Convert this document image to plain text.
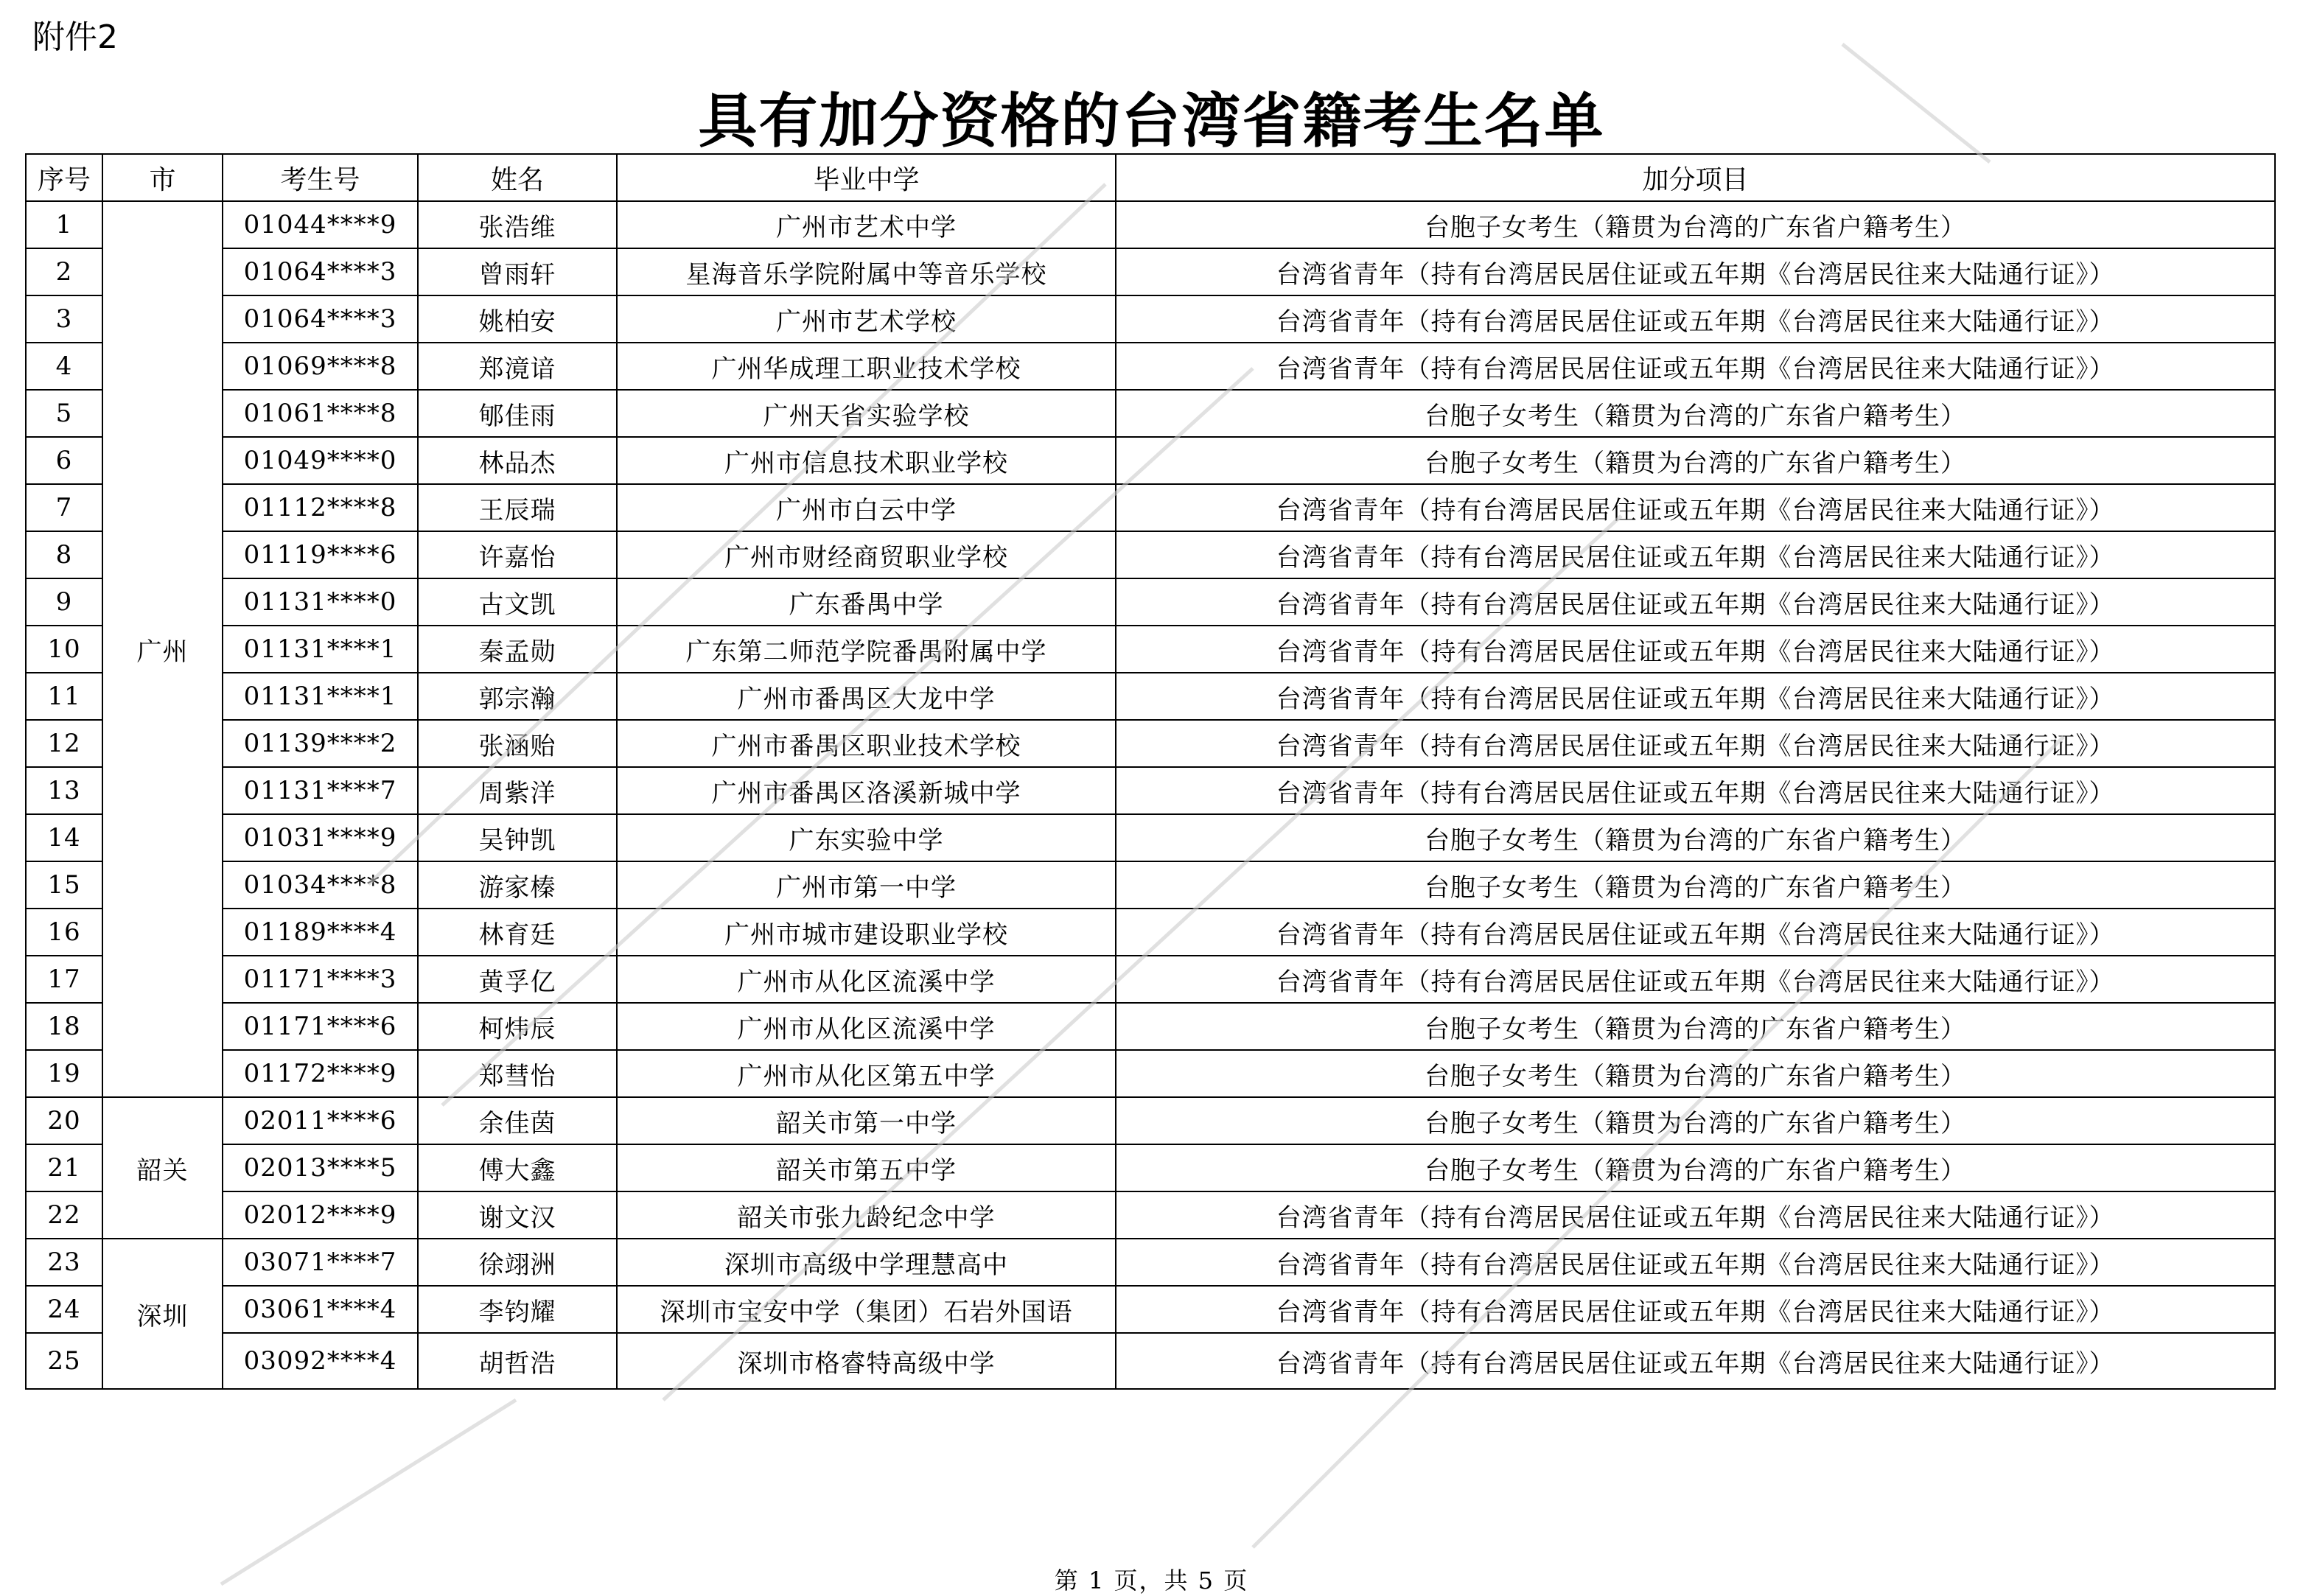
附件2
具有加分资格的台湾省籍考生名单
序号	市	考生号	姓名	毕业中学	加分项目
1	广州	01044****9	张浩维	广州市艺术中学	台胞子女考生（籍贯为台湾的广东省户籍考生）
2		01064****3	曾雨轩	星海音乐学院附属中等音乐学校	台湾省青年（持有台湾居民居住证或五年期《台湾居民往来大陆通行证》）
3		01064****3	姚柏安	广州市艺术学校	台湾省青年（持有台湾居民居住证或五年期《台湾居民往来大陆通行证》）
4		01069****8	郑滰谙	广州华成理工职业技术学校	台湾省青年（持有台湾居民居住证或五年期《台湾居民往来大陆通行证》）
5		01061****8	郇佳雨	广州天省实验学校	台胞子女考生（籍贯为台湾的广东省户籍考生）
6		01049****0	林品杰	广州市信息技术职业学校	台胞子女考生（籍贯为台湾的广东省户籍考生）
7		01112****8	王辰瑞	广州市白云中学	台湾省青年（持有台湾居民居住证或五年期《台湾居民往来大陆通行证》）
8		01119****6	许嘉怡	广州市财经商贸职业学校	台湾省青年（持有台湾居民居住证或五年期《台湾居民往来大陆通行证》）
9		01131****0	古文凯	广东番禺中学	台湾省青年（持有台湾居民居住证或五年期《台湾居民往来大陆通行证》）
10		01131****1	秦孟勋	广东第二师范学院番禺附属中学	台湾省青年（持有台湾居民居住证或五年期《台湾居民往来大陆通行证》）
11		01131****1	郭宗瀚	广州市番禺区大龙中学	台湾省青年（持有台湾居民居住证或五年期《台湾居民往来大陆通行证》）
12		01139****2	张涵贻	广州市番禺区职业技术学校	台湾省青年（持有台湾居民居住证或五年期《台湾居民往来大陆通行证》）
13		01131****7	周紫洋	广州市番禺区洛溪新城中学	台湾省青年（持有台湾居民居住证或五年期《台湾居民往来大陆通行证》）
14		01031****9	吴钟凯	广东实验中学	台胞子女考生（籍贯为台湾的广东省户籍考生）
15		01034****8	游家榛	广州市第一中学	台胞子女考生（籍贯为台湾的广东省户籍考生）
16		01189****4	林育廷	广州市城市建设职业学校	台湾省青年（持有台湾居民居住证或五年期《台湾居民往来大陆通行证》）
17		01171****3	黄孚亿	广州市从化区流溪中学	台湾省青年（持有台湾居民居住证或五年期《台湾居民往来大陆通行证》）
18		01171****6	柯炜辰	广州市从化区流溪中学	台胞子女考生（籍贯为台湾的广东省户籍考生）
19		01172****9	郑彗怡	广州市从化区第五中学	台胞子女考生（籍贯为台湾的广东省户籍考生）
20	韶关	02011****6	余佳茵	韶关市第一中学	台胞子女考生（籍贯为台湾的广东省户籍考生）
21		02013****5	傅大鑫	韶关市第五中学	台胞子女考生（籍贯为台湾的广东省户籍考生）
22		02012****9	谢文汉	韶关市张九龄纪念中学	台湾省青年（持有台湾居民居住证或五年期《台湾居民往来大陆通行证》）
23	深圳	03071****7	徐翊洲	深圳市高级中学理慧高中	台湾省青年（持有台湾居民居住证或五年期《台湾居民往来大陆通行证》）
24		03061****4	李钧耀	深圳市宝安中学（集团）石岩外国语	台湾省青年（持有台湾居民居住证或五年期《台湾居民往来大陆通行证》）
25		03092****4	胡哲浩	深圳市格睿特高级中学	台湾省青年（持有台湾居民居住证或五年期《台湾居民往来大陆通行证》）
第 1 页，共 5 页
